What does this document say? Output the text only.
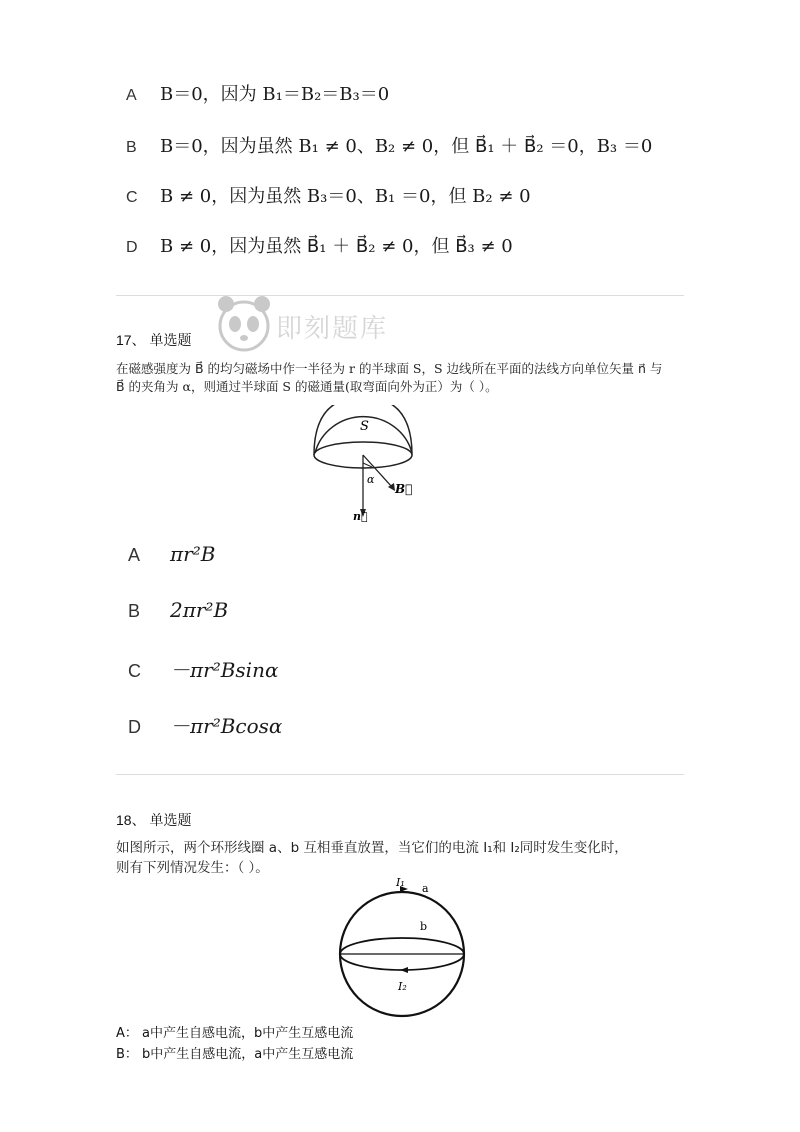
A	B＝0，因为 B₁＝B₂＝B₃＝0
B	B＝0，因为虽然 B₁ ≠ 0、B₂ ≠ 0，但 B⃗₁ ＋ B⃗₂ ＝0，B₃ ＝0
C	B ≠ 0，因为虽然 B₃＝0、B₁ ＝0，但 B₂ ≠ 0
D	B ≠ 0，因为虽然 B⃗₁ ＋ B⃗₂ ≠ 0，但 B⃗₃ ≠ 0
即刻题库
17、 单选题
在磁感强度为 B⃗ 的均匀磁场中作一半径为 r 的半球面 S，S 边线所在平面的法线方向单位矢量 n⃗ 与
B⃗ 的夹角为 α，则通过半球面 S 的磁通量(取弯面向外为正）为（ ）。
S
α
B⃗
n⃗
A	πr²B
B	2πr²B
C	－πr²Bsinα
D	－πr²Bcosα
18、 单选题
如图所示，两个环形线圈 a、b 互相垂直放置，当它们的电流 I₁和 I₂同时发生变化时，
则有下列情况发生：（ ）。
I₁ a
b
I₂
A： a中产生自感电流，b中产生互感电流
B： b中产生自感电流，a中产生互感电流
